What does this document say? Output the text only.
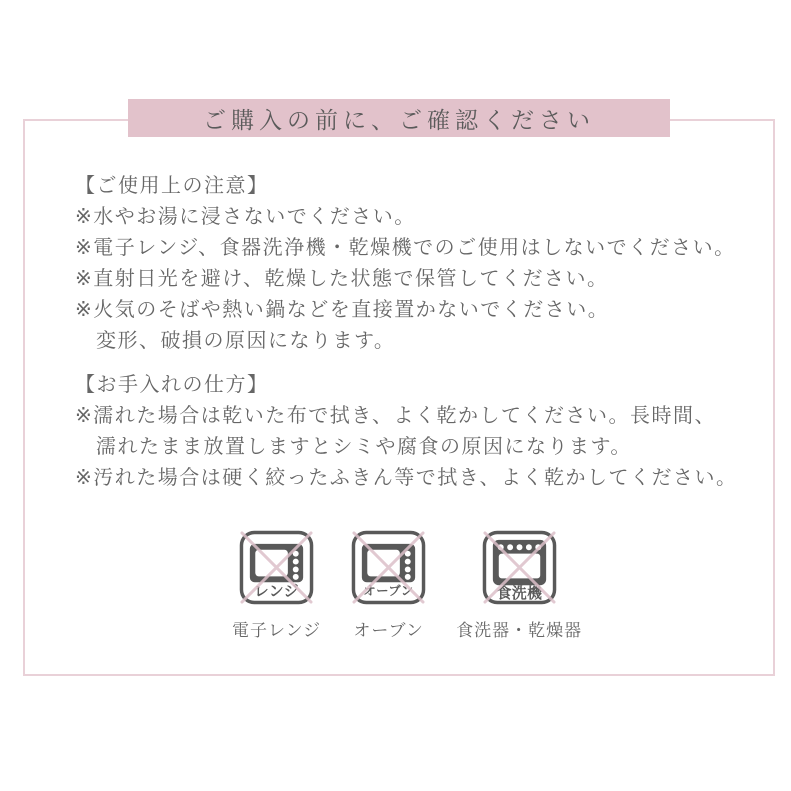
ご購入の前に、ご確認ください

【ご使用上の注意】

※水やお湯に浸さないでください。

※電子レンジ、食器洗浄機・乾燥機でのご使用はしないでください。

※直射日光を避け、乾燥した状態で保管してください。

※火気のそばや熱い鍋などを直接置かないでください。

変形、破損の原因になります。

【お手入れの仕方】

※濡れた場合は乾いた布で拭き、よく乾かしてください。長時間、

濡れたまま放置しますとシミや腐食の原因になります。

※汚れた場合は硬く絞ったふきん等で拭き、よく乾かしてください。

レンジ
電子レンジ
オーブン
オーブン
食洗機
食洗器・乾燥器
